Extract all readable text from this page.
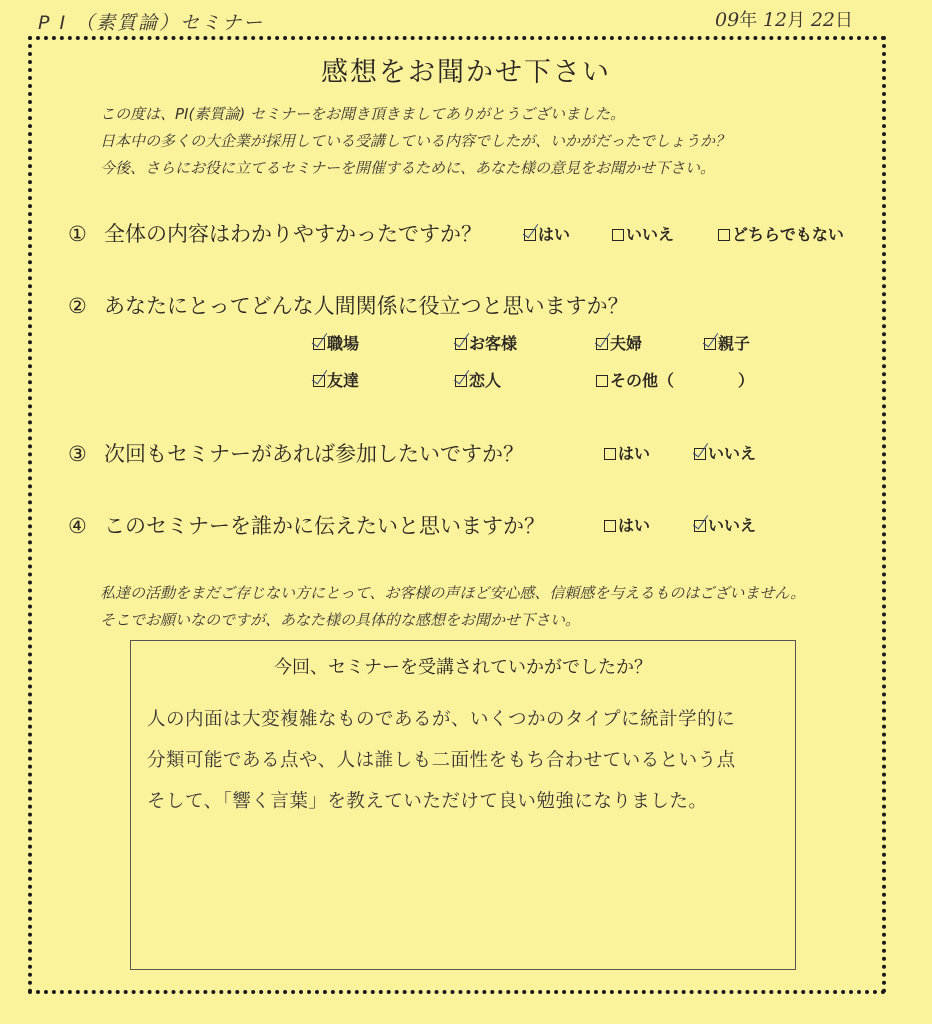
P I （素質論）セミナー	09年 12月 22日
感想をお聞かせ下さい
この度は、PI(素質論) セミナーをお聞き頂きましてありがとうございました。
日本中の多くの大企業が採用している受講している内容でしたが、いかがだったでしょうか？
今後、さらにお役に立てるセミナーを開催するために、あなた様の意見をお聞かせ下さい。
① 全体の内容はわかりやすかったですか？	はい	いいえ	どちらでもない
② あなたにとってどんな人間関係に役立つと思いますか？
職場	お客様	夫婦	親子
友達	恋人	その他（　　　　）
③ 次回もセミナーがあれば参加したいですか？	はい	いいえ
④ このセミナーを誰かに伝えたいと思いますか？	はい	いいえ
私達の活動をまだご存じない方にとって、お客様の声ほど安心感、信頼感を与えるものはございません。
そこでお願いなのですが、あなた様の具体的な感想をお聞かせ下さい。
今回、セミナーを受講されていかがでしたか？
人の内面は大変複雑なものであるが、いくつかのタイプに統計学的に
分類可能である点や、人は誰しも二面性をもち合わせているという点
そして、「響く言葉」を教えていただけて良い勉強になりました。
